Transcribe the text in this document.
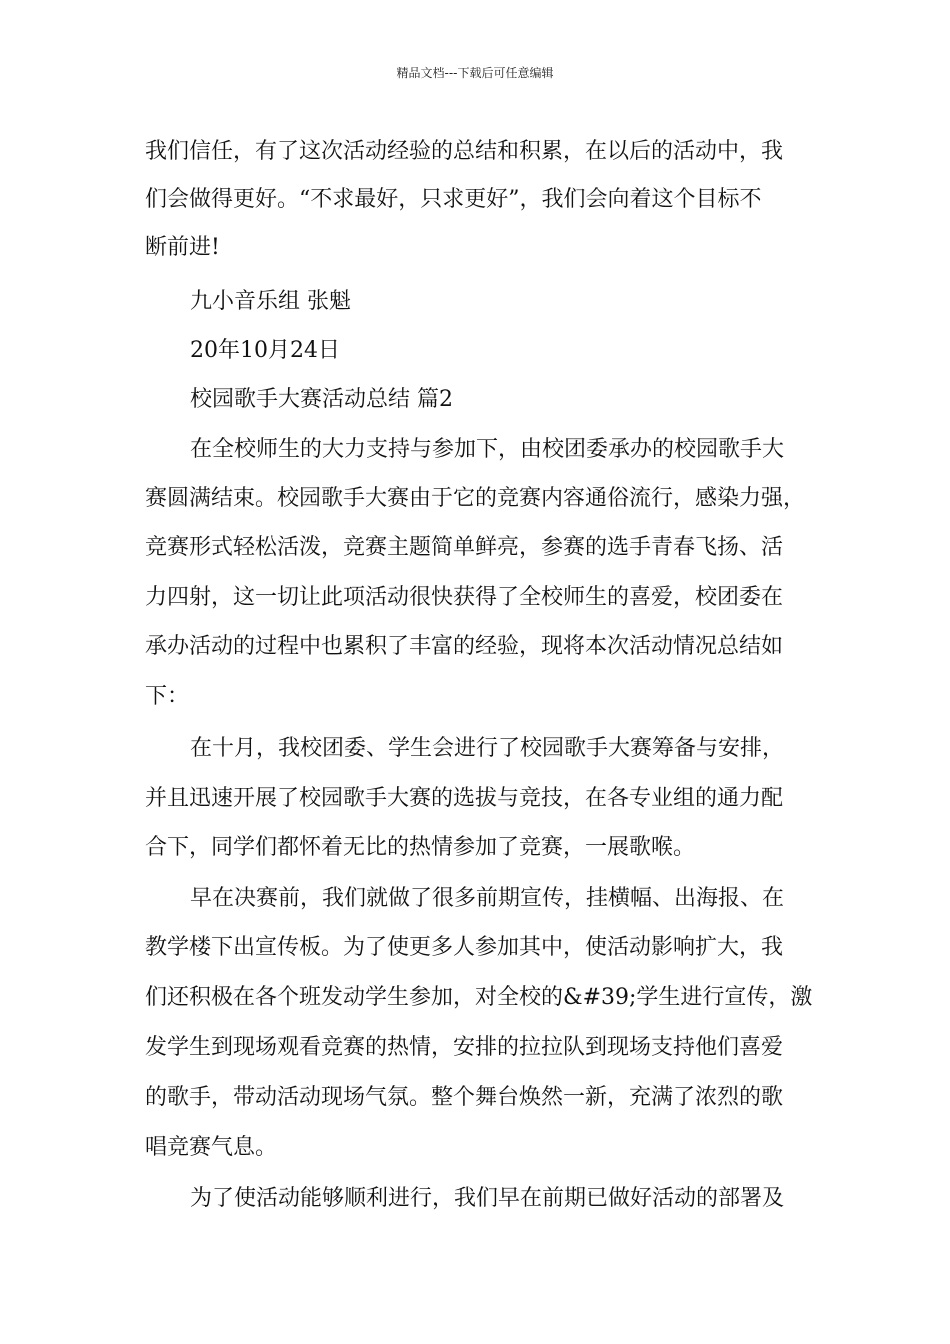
精品文档---下载后可任意编辑
我们信任，有了这次活动经验的总结和积累，在以后的活动中，我
们会做得更好。“不求最好，只求更好”，我们会向着这个目标不
断前进!
九小音乐组 张魁
20年10月24日
校园歌手大赛活动总结 篇2
在全校师生的大力支持与参加下，由校团委承办的校园歌手大
赛圆满结束。校园歌手大赛由于它的竞赛内容通俗流行，感染力强，
竞赛形式轻松活泼，竞赛主题简单鲜亮，参赛的选手青春飞扬、活
力四射，这一切让此项活动很快获得了全校师生的喜爱，校团委在
承办活动的过程中也累积了丰富的经验，现将本次活动情况总结如
下：
在十月，我校团委、学生会进行了校园歌手大赛筹备与安排，
并且迅速开展了校园歌手大赛的选拔与竞技，在各专业组的通力配
合下，同学们都怀着无比的热情参加了竞赛，一展歌喉。
早在决赛前，我们就做了很多前期宣传，挂横幅、出海报、在
教学楼下出宣传板。为了使更多人参加其中，使活动影响扩大，我
们还积极在各个班发动学生参加，对全校的&#39;学生进行宣传，激
发学生到现场观看竞赛的热情，安排的拉拉队到现场支持他们喜爱
的歌手，带动活动现场气氛。整个舞台焕然一新，充满了浓烈的歌
唱竞赛气息。
为了使活动能够顺利进行，我们早在前期已做好活动的部署及
